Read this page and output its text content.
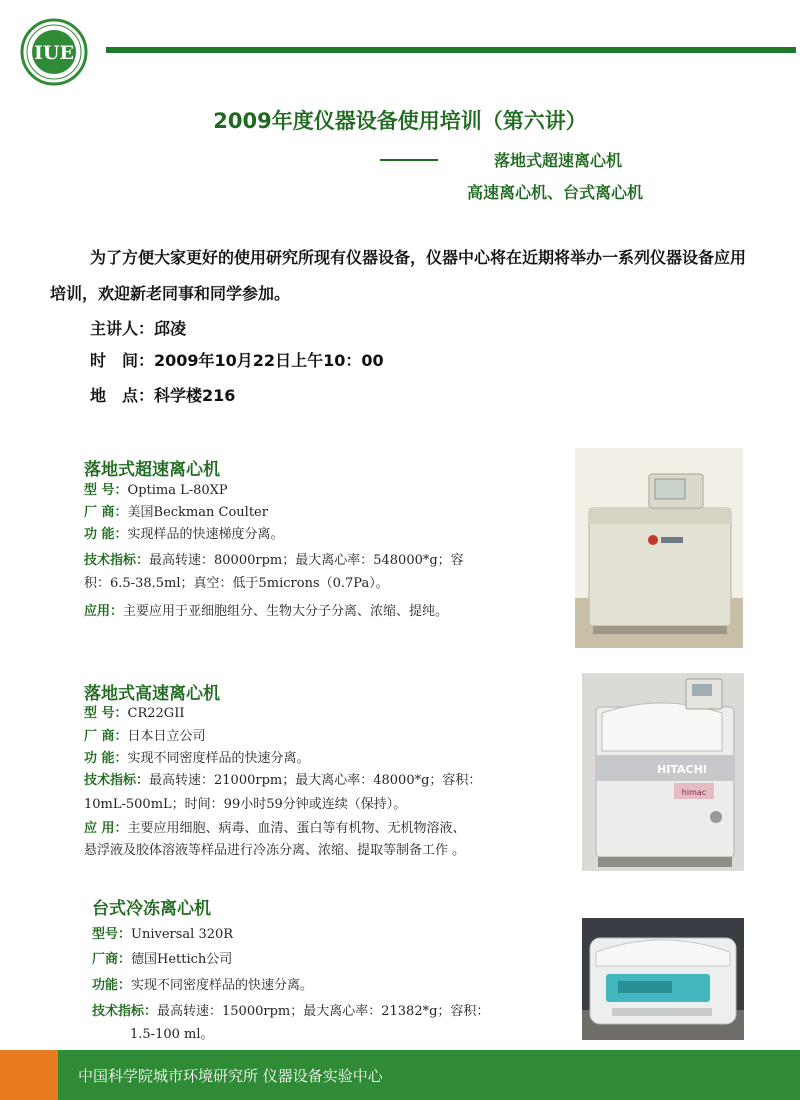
IUE
2009年度仪器设备使用培训（第六讲）
落地式超速离心机
高速离心机、台式离心机
为了方便大家更好的使用研究所现有仪器设备，仪器中心将在近期将举办一系列仪器设备应用培训，欢迎新老同事和同学参加。
主讲人：邱凌
时　间：2009年10月22日上午10：00
地　点：科学楼216
落地式超速离心机
型 号：Optima L-80XP
厂 商：美国Beckman Coulter
功 能：实现样品的快速梯度分离。
技术指标：最高转速：80000rpm；最大离心率：548000*g；容
积：6.5-38.5ml；真空：低于5microns（0.7Pa）。
应用：主要应用于亚细胞组分、生物大分子分离、浓缩、提纯。
落地式高速离心机
型 号：CR22GII
厂 商：日本日立公司
功 能：实现不同密度样品的快速分离。
技术指标：最高转速：21000rpm；最大离心率：48000*g；容积：
10mL-500mL；时间：99小时59分钟或连续（保持）。
应 用：主要应用细胞、病毒、血清、蛋白等有机物、无机物溶液、
悬浮液及胶体溶液等样品进行冷冻分离、浓缩、提取等制备工作 。
HITACHI
himac
台式冷冻离心机
型号：Universal 320R
厂商：德国Hettich公司
功能：实现不同密度样品的快速分离。
技术指标：最高转速：15000rpm；最大离心率：21382*g；容积：
1.5-100 ml。
中国科学院城市环境研究所 仪器设备实验中心
